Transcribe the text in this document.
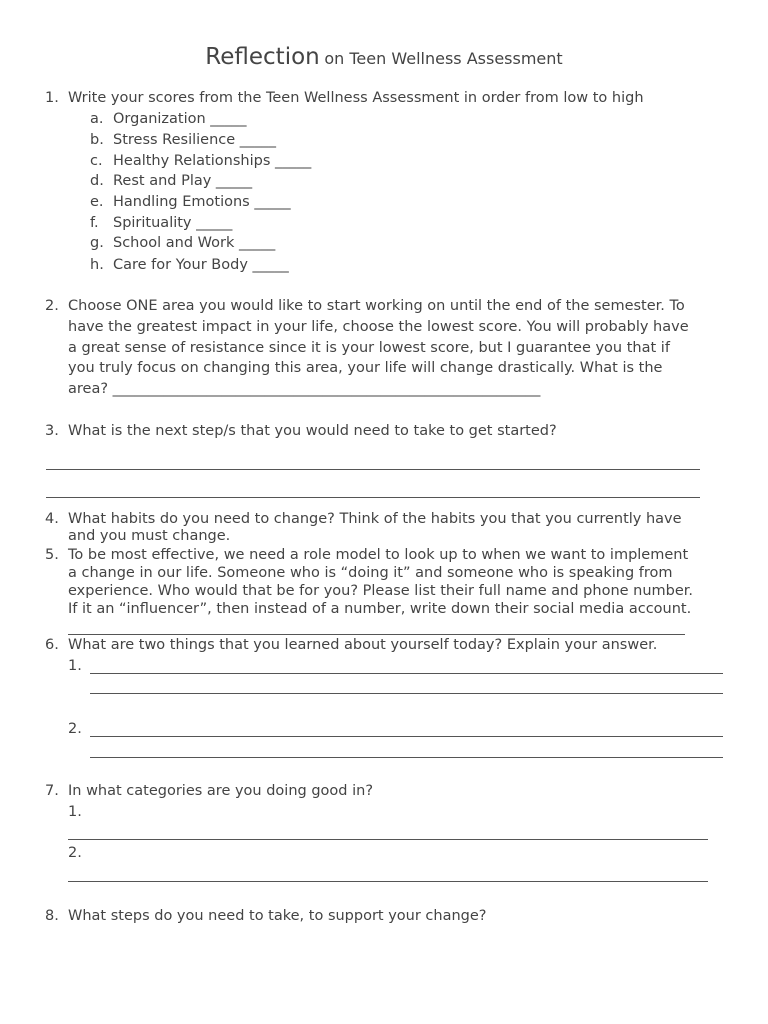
Reflection on Teen Wellness Assessment
1. Write your scores from the Teen Wellness Assessment in order from low to high
a. Organization _____
b. Stress Resilience _____
c. Healthy Relationships _____
d. Rest and Play _____
e. Handling Emotions _____
f. Spirituality _____
g. School and Work _____
h. Care for Your Body _____
2. Choose ONE area you would like to start working on until the end of the semester. To
have the greatest impact in your life, choose the lowest score. You will probably have
a great sense of resistance since it is your lowest score, but I guarantee you that if
you truly focus on changing this area, your life will change drastically. What is the
area? ___________________________________________________________
3. What is the next step/s that you would need to take to get started?
4. What habits do you need to change? Think of the habits you that you currently have
and you must change.
5. To be most effective, we need a role model to look up to when we want to implement
a change in our life. Someone who is “doing it” and someone who is speaking from
experience. Who would that be for you? Please list their full name and phone number.
If it an “influencer”, then instead of a number, write down their social media account.
6. What are two things that you learned about yourself today? Explain your answer.
1.
2.
7. In what categories are you doing good in?
1.
2.
8. What steps do you need to take, to support your change?
